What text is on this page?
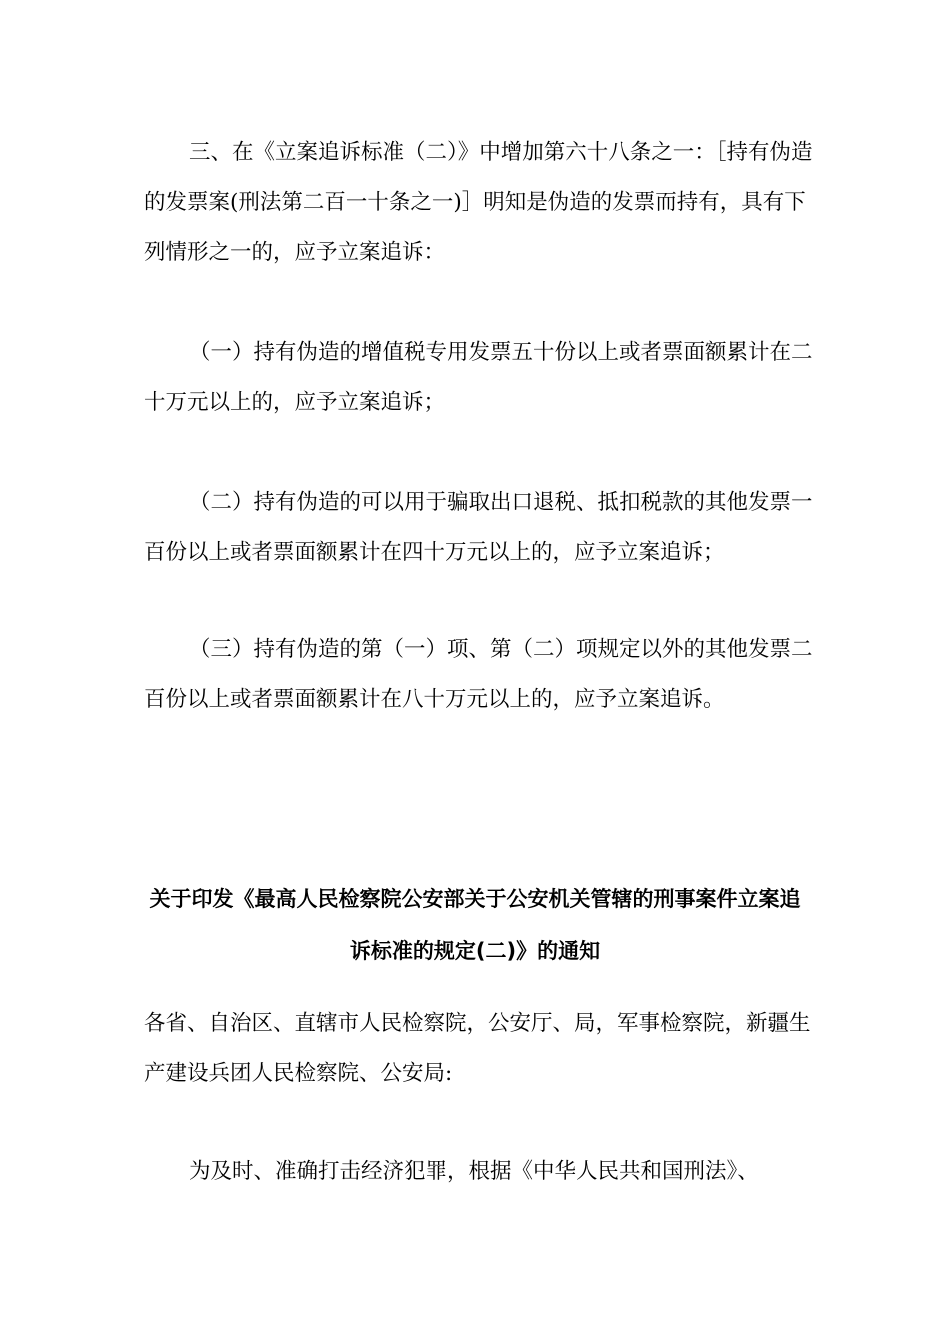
三、在《立案追诉标准（二）》中增加第六十八条之一：［持有伪造的发票案(刑法第二百一十条之一)］明知是伪造的发票而持有，具有下列情形之一的，应予立案追诉：

（一）持有伪造的增值税专用发票五十份以上或者票面额累计在二十万元以上的，应予立案追诉；

（二）持有伪造的可以用于骗取出口退税、抵扣税款的其他发票一百份以上或者票面额累计在四十万元以上的，应予立案追诉；

（三）持有伪造的第（一）项、第（二）项规定以外的其他发票二百份以上或者票面额累计在八十万元以上的，应予立案追诉。

关于印发《最高人民检察院公安部关于公安机关管辖的刑事案件立案追诉标准的规定(二)》的通知

各省、自治区、直辖市人民检察院，公安厅、局，军事检察院，新疆生产建设兵团人民检察院、公安局:

为及时、准确打击经济犯罪，根据《中华人民共和国刑法》、
